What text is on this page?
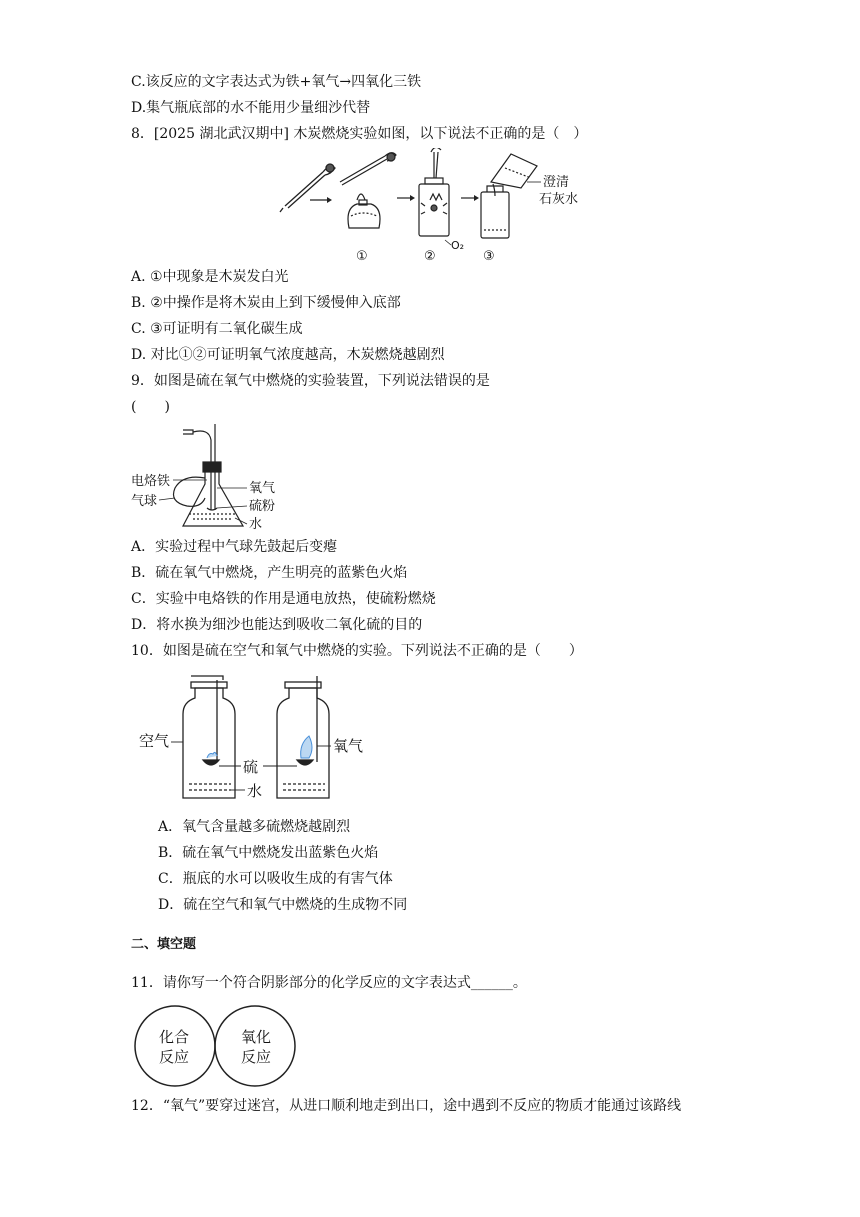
C.该反应的文字表达式为铁+氧气→四氧化三铁
D.集气瓶底部的水不能用少量细沙代替
8．[2025 湖北武汉期中] 木炭燃烧实验如图，以下说法不正确的是（　）
①
O₂
②
澄清
石灰水
③
A. ①中现象是木炭发白光
B. ②中操作是将木炭由上到下缓慢伸入底部
C. ③可证明有二氧化碳生成
D. 对比①②可证明氧气浓度越高，木炭燃烧越剧烈
9．如图是硫在氧气中燃烧的实验装置，下列说法错误的是
(　　)
电烙铁
气球
氧气
硫粉
水
A．实验过程中气球先鼓起后变瘪
B．硫在氧气中燃烧，产生明亮的蓝紫色火焰
C．实验中电烙铁的作用是通电放热，使硫粉燃烧
D．将水换为细沙也能达到吸收二氧化硫的目的
10．如图是硫在空气和氧气中燃烧的实验。下列说法不正确的是（　　）
空气
硫
氧气
水
A．氧气含量越多硫燃烧越剧烈
B．硫在氧气中燃烧发出蓝紫色火焰
C．瓶底的水可以吸收生成的有害气体
D．硫在空气和氧气中燃烧的生成物不同
二、填空题
11．请你写一个符合阴影部分的化学反应的文字表达式______。
化合
反应
氧化
反应
12．“氧气”要穿过迷宫，从进口顺利地走到出口，途中遇到不反应的物质才能通过该路线
